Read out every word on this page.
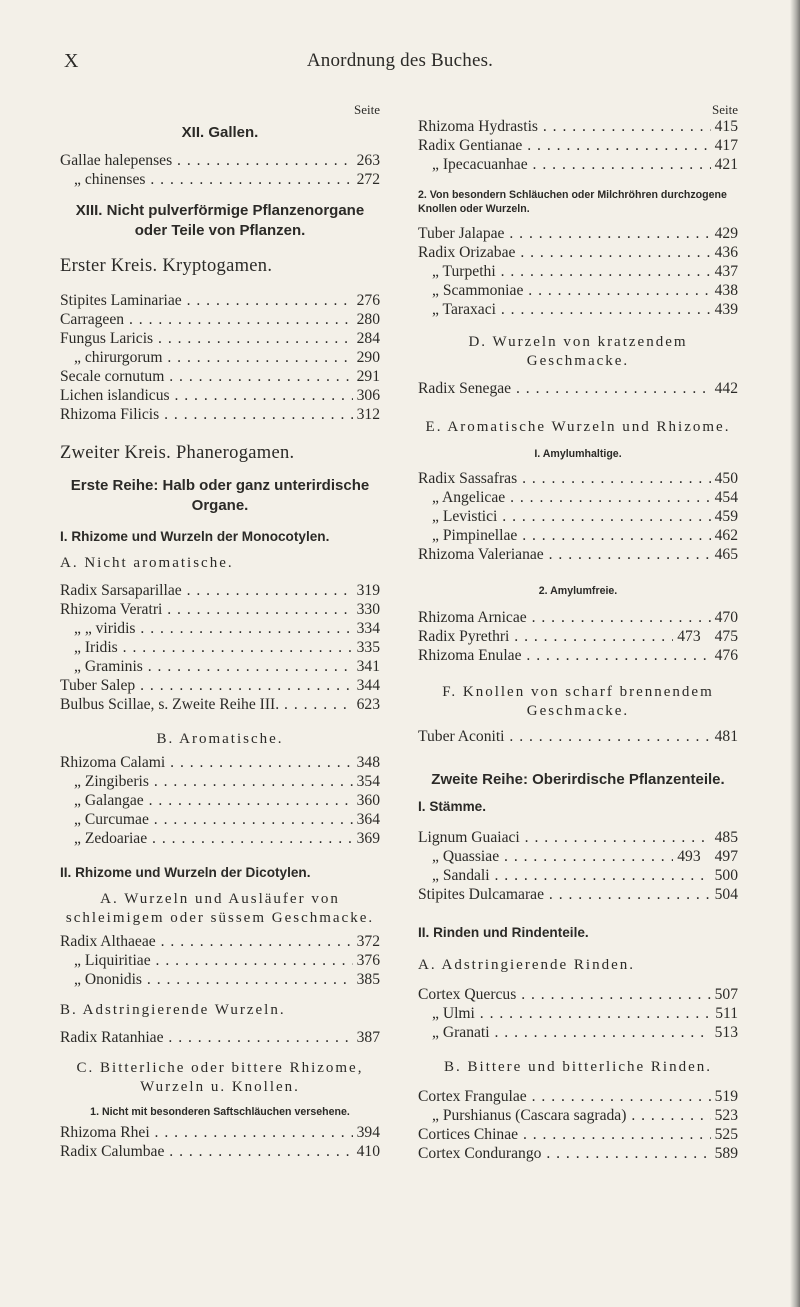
X	Anordnung des Buches.
Seite
XII. Gallen.
Gallae halepenses . . .	263
„ chinenses . . .	272
XIII. Nicht pulverförmige Pflanzenorgane oder Teile von Pflanzen.
Erster Kreis. Kryptogamen.
Stipites Laminariae . . .	276
Carrageen . . .	280
Fungus Laricis . . .	284
„ chirurgorum . . .	290
Secale cornutum . . .	291
Lichen islandicus . . .	306
Rhizoma Filicis . . .	312
Zweiter Kreis. Phanerogamen.
Erste Reihe: Halb oder ganz unterirdische Organe.
I. Rhizome und Wurzeln der Monocotylen.
A. Nicht aromatische.
Radix Sarsaparillae . . .	319
Rhizoma Veratri . . .	330
„ „ viridis . . .	334
„ Iridis . . .	335
„ Graminis . . .	341
Tuber Salep . . .	344
Bulbus Scillae, s. Zweite Reihe III. . . .	623
B. Aromatische.
Rhizoma Calami . . .	348
„ Zingiberis . . .	354
„ Galangae . . .	360
„ Curcumae . . .	364
„ Zedoariae . . .	369
II. Rhizome und Wurzeln der Dicotylen.
A. Wurzeln und Ausläufer von schleimigem oder süssem Geschmacke.
Radix Althaeae . . .	372
„ Liquiritiae . . .	376
„ Ononidis . . .	385
B. Adstringierende Wurzeln.
Radix Ratanhiae . . .	387
C. Bitterliche oder bittere Rhizome, Wurzeln u. Knollen.
1. Nicht mit besonderen Saftschläuchen versehene.
Rhizoma Rhei . . .	394
Radix Calumbae . . .	410
Seite
Rhizoma Hydrastis . . .	415
Radix Gentianae . . .	417
„ Ipecacuanhae . . .	421
2. Von besondern Schläuchen oder Milchröhren durchzogene Knollen oder Wurzeln.
Tuber Jalapae . . .	429
Radix Orizabae . . .	436
„ Turpethi . . .	437
„ Scammoniae . . .	438
„ Taraxaci . . .	439
D. Wurzeln von kratzendem Geschmacke.
Radix Senegae . . .	442
E. Aromatische Wurzeln und Rhizome.
I. Amylumhaltige.
Radix Sassafras . . .	450
„ Angelicae . . .	454
„ Levistici . . .	459
„ Pimpinellae . . .	462
Rhizoma Valerianae . . .	465
2. Amylumfreie.
Rhizoma Arnicae . . .	470
Radix Pyrethri . . .	473 475
Rhizoma Enulae . . .	476
F. Knollen von scharf brennendem Geschmacke.
Tuber Aconiti . . .	481
Zweite Reihe: Oberirdische Pflanzenteile.
I. Stämme.
Lignum Guaiaci . . .	485
„ Quassiae . . .	493 497
„ Sandali . . .	500
Stipites Dulcamarae . . .	504
II. Rinden und Rindenteile.
A. Adstringierende Rinden.
Cortex Quercus . . .	507
„ Ulmi . . .	511
„ Granati . . .	513
B. Bittere und bitterliche Rinden.
Cortex Frangulae . . .	519
„ Purshianus (Cascara sagrada) . . .	523
Cortices Chinae . . .	525
Cortex Condurango . . .	589
